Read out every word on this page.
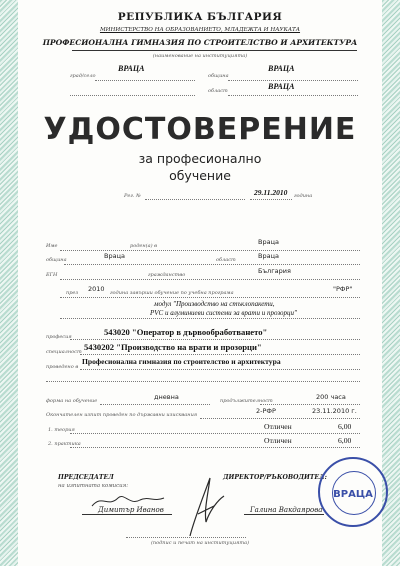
РЕПУБЛИКА БЪЛГАРИЯ
МИНИСТЕРСТВО НА ОБРАЗОВАНИЕТО, МЛАДЕЖТА И НАУКАТА
ПРОФЕСИОНАЛНА ГИМНАЗИЯ ПО СТРОИТЕЛСТВО И АРХИТЕКТУРА
(наименование на институцията)
град/село
ВРАЦА
община
ВРАЦА
област	ВРАЦА
УДОСТОВЕРЕНИЕ
за професионално
обучение
Рег. №	29.11.2010 година
Име	роден(а) в	Враца
община	Враца	област	Враца
ЕГН	гражданство	България
през 2010 година завърши обучение по учебна програма	"РФР"
модул "Производство на стъклопакети,
PVC и алуминиеви системи за врати и прозорци"
професия	543020 "Оператор в дървообработването"
специалност 5430202 "Производство на врати и прозорци"
проведено в
Професионална гимназия по строителство и архитектура
форма на обучение	дневна	продължителност	200 часа
Окончателен изпит проведен по държавни изисквания	2-РФР	23.11.2010 г.
1. теория	Отличен	6,00
2. практика	Отличен	6,00
ПРЕДСЕДАТЕЛ
на изпитната комисия:
ДИРЕКТОР/РЪКОВОДИТЕЛ:
Димитър Иванов	Галина Вакдаярова
ВРАЦА
(подпис и печат на институцията)
